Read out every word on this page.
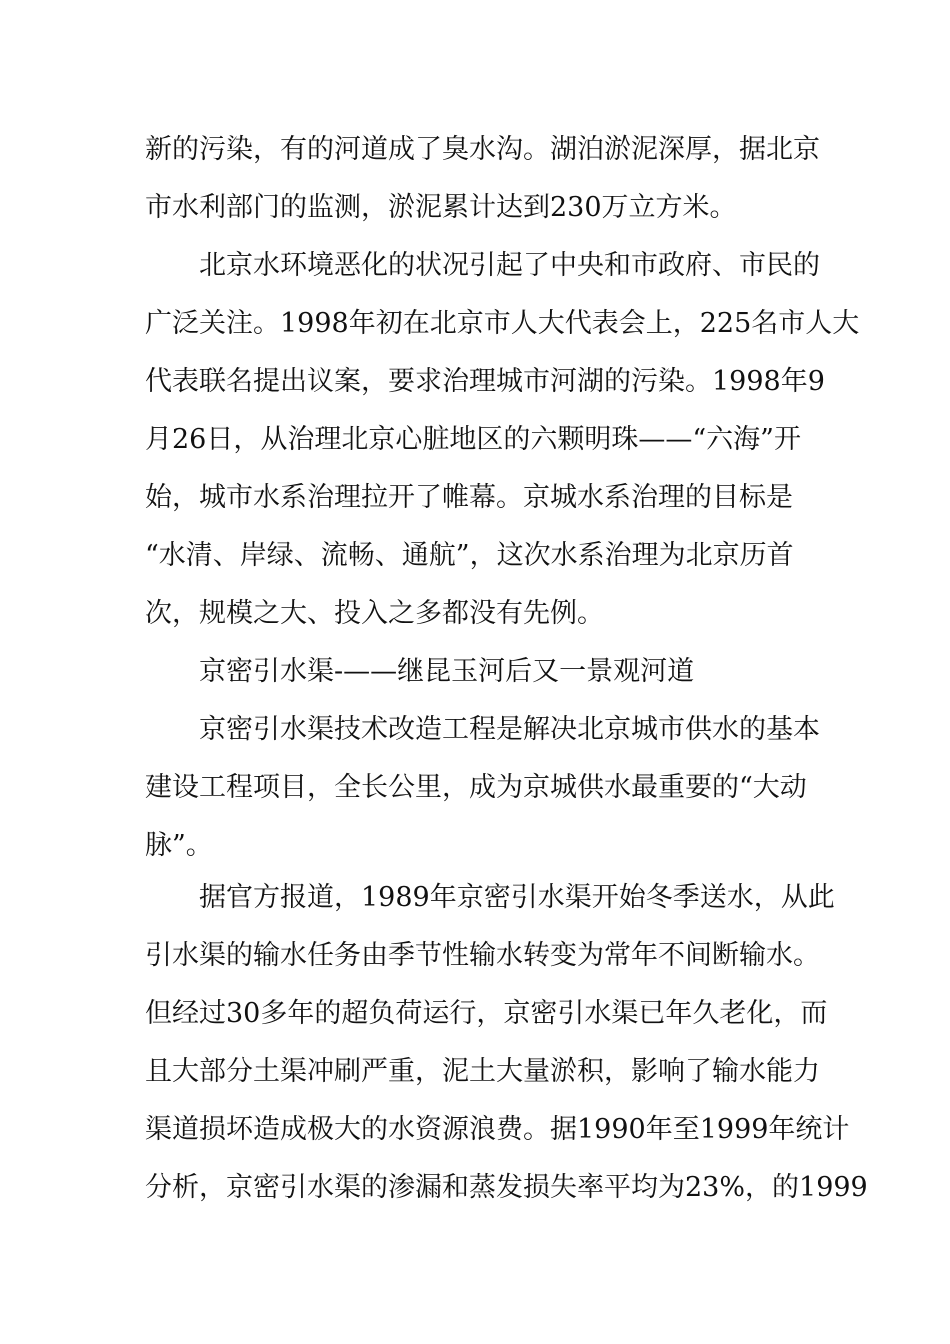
新的污染，有的河道成了臭水沟。湖泊淤泥深厚，据北京
市水利部门的监测，淤泥累计达到230万立方米。
北京水环境恶化的状况引起了中央和市政府、市民的
广泛关注。1998年初在北京市人大代表会上，225名市人大
代表联名提出议案，要求治理城市河湖的污染。1998年9
月26日，从治理北京心脏地区的六颗明珠——“六海”开
始，城市水系治理拉开了帷幕。京城水系治理的目标是
“水清、岸绿、流畅、通航”，这次水系治理为北京历首
次，规模之大、投入之多都没有先例。
京密引水渠-——继昆玉河后又一景观河道
京密引水渠技术改造工程是解决北京城市供水的基本
建设工程项目，全长公里，成为京城供水最重要的“大动
脉”。
据官方报道，1989年京密引水渠开始冬季送水，从此
引水渠的输水任务由季节性输水转变为常年不间断输水。
但经过30多年的超负荷运行，京密引水渠已年久老化，而
且大部分土渠冲刷严重，泥土大量淤积，影响了输水能力
渠道损坏造成极大的水资源浪费。据1990年至1999年统计
分析，京密引水渠的渗漏和蒸发损失率平均为23%，的1999
